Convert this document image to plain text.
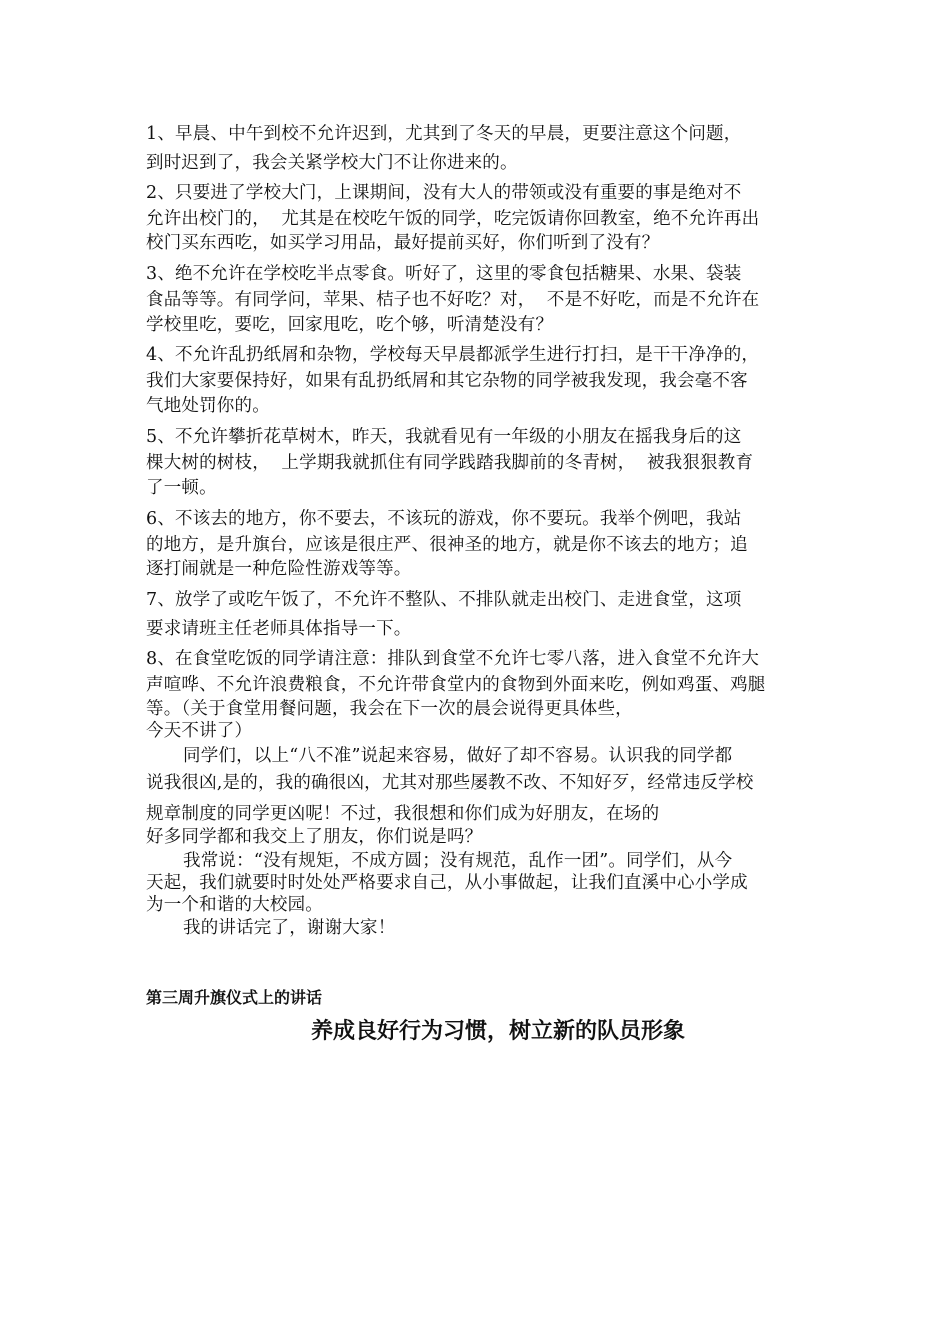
1、早晨、中午到校不允许迟到，尤其到了冬天的早晨，更要注意这个问题，
到时迟到了，我会关紧学校大门不让你进来的。
2、只要进了学校大门，上课期间，没有大人的带领或没有重要的事是绝对不
允许出校门的，  尤其是在校吃午饭的同学，吃完饭请你回教室，绝不允许再出
校门买东西吃，如买学习用品，最好提前买好，你们听到了没有？
3、绝不允许在学校吃半点零食。听好了，这里的零食包括糖果、水果、袋装
食品等等。有同学问，苹果、桔子也不好吃？对，  不是不好吃，而是不允许在
学校里吃，要吃，回家甩吃，吃个够，听清楚没有？
4、不允许乱扔纸屑和杂物，学校每天早晨都派学生进行打扫，是干干净净的，
我们大家要保持好，如果有乱扔纸屑和其它杂物的同学被我发现，我会毫不客
气地处罚你的。
5、不允许攀折花草树木，昨天，我就看见有一年级的小朋友在摇我身后的这
棵大树的树枝，  上学期我就抓住有同学践踏我脚前的冬青树，  被我狠狠教育
了一顿。
6、不该去的地方，你不要去，不该玩的游戏，你不要玩。我举个例吧，我站
的地方，是升旗台，应该是很庄严、很神圣的地方，就是你不该去的地方；追
逐打闹就是一种危险性游戏等等。
7、放学了或吃午饭了，不允许不整队、不排队就走出校门、走进食堂，这项
要求请班主任老师具体指导一下。
8、在食堂吃饭的同学请注意：排队到食堂不允许七零八落，进入食堂不允许大
声喧哗、不允许浪费粮食，不允许带食堂内的食物到外面来吃，例如鸡蛋、鸡腿
等。（关于食堂用餐问题，我会在下一次的晨会说得更具体些，
今天不讲了）
同学们，以上“八不准”说起来容易，做好了却不容易。认识我的同学都
说我很凶,是的，我的确很凶，尤其对那些屡教不改、不知好歹，经常违反学校
规章制度的同学更凶呢！不过，我很想和你们成为好朋友，在场的
好多同学都和我交上了朋友，你们说是吗？
我常说：“没有规矩，不成方圆；没有规范，乱作一团”。同学们，从今
天起，我们就要时时处处严格要求自己，从小事做起，让我们直溪中心小学成
为一个和谐的大校园。
我的讲话完了，谢谢大家！
第三周升旗仪式上的讲话
养成良好行为习惯，树立新的队员形象
